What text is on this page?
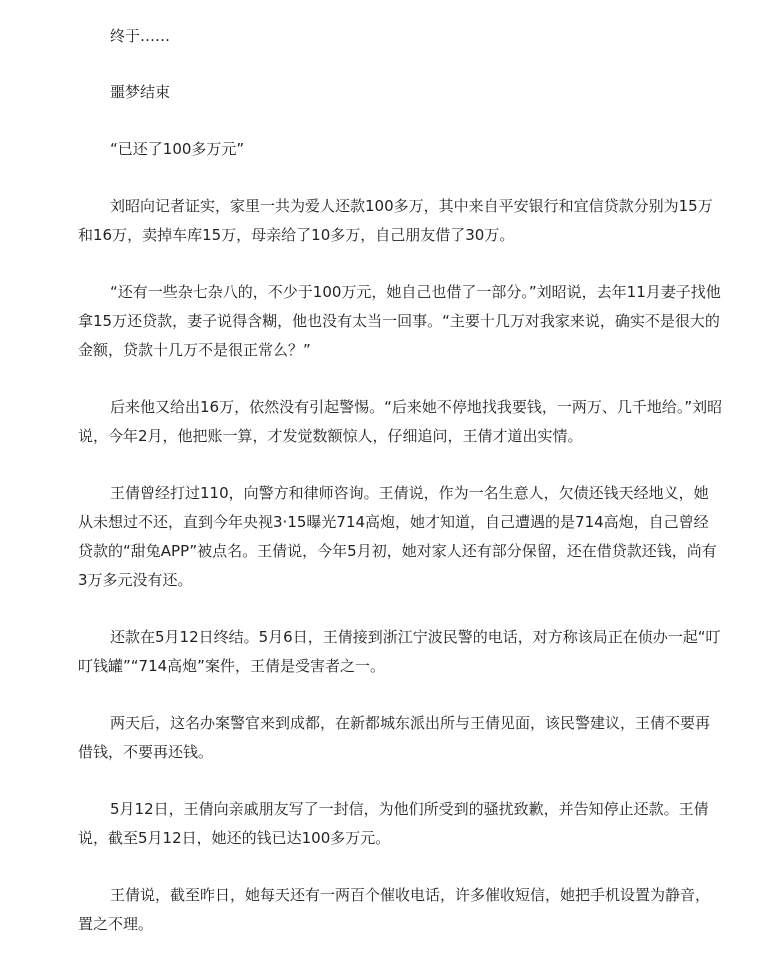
终于……

噩梦结束

“已还了100多万元”

刘昭向记者证实，家里一共为爱人还款100多万，其中来自平安银行和宜信贷款分别为15万和16万，卖掉车库15万，母亲给了10多万，自己朋友借了30万。

“还有一些杂七杂八的，不少于100万元，她自己也借了一部分。”刘昭说，去年11月妻子找他拿15万还贷款，妻子说得含糊，他也没有太当一回事。“主要十几万对我家来说，确实不是很大的金额，贷款十几万不是很正常么？”

后来他又给出16万，依然没有引起警惕。“后来她不停地找我要钱，一两万、几千地给。”刘昭说，今年2月，他把账一算，才发觉数额惊人，仔细追问，王倩才道出实情。

王倩曾经打过110，向警方和律师咨询。王倩说，作为一名生意人，欠债还钱天经地义，她从未想过不还，直到今年央视3·15曝光714高炮，她才知道，自己遭遇的是714高炮，自己曾经贷款的“甜兔APP”被点名。王倩说，今年5月初，她对家人还有部分保留，还在借贷款还钱，尚有3万多元没有还。

还款在5月12日终结。5月6日，王倩接到浙江宁波民警的电话，对方称该局正在侦办一起“叮叮钱罐”“714高炮”案件，王倩是受害者之一。

两天后，这名办案警官来到成都，在新都城东派出所与王倩见面，该民警建议，王倩不要再借钱，不要再还钱。

5月12日，王倩向亲戚朋友写了一封信，为他们所受到的骚扰致歉，并告知停止还款。王倩说，截至5月12日，她还的钱已达100多万元。

王倩说，截至昨日，她每天还有一两百个催收电话，许多催收短信，她把手机设置为静音，置之不理。
